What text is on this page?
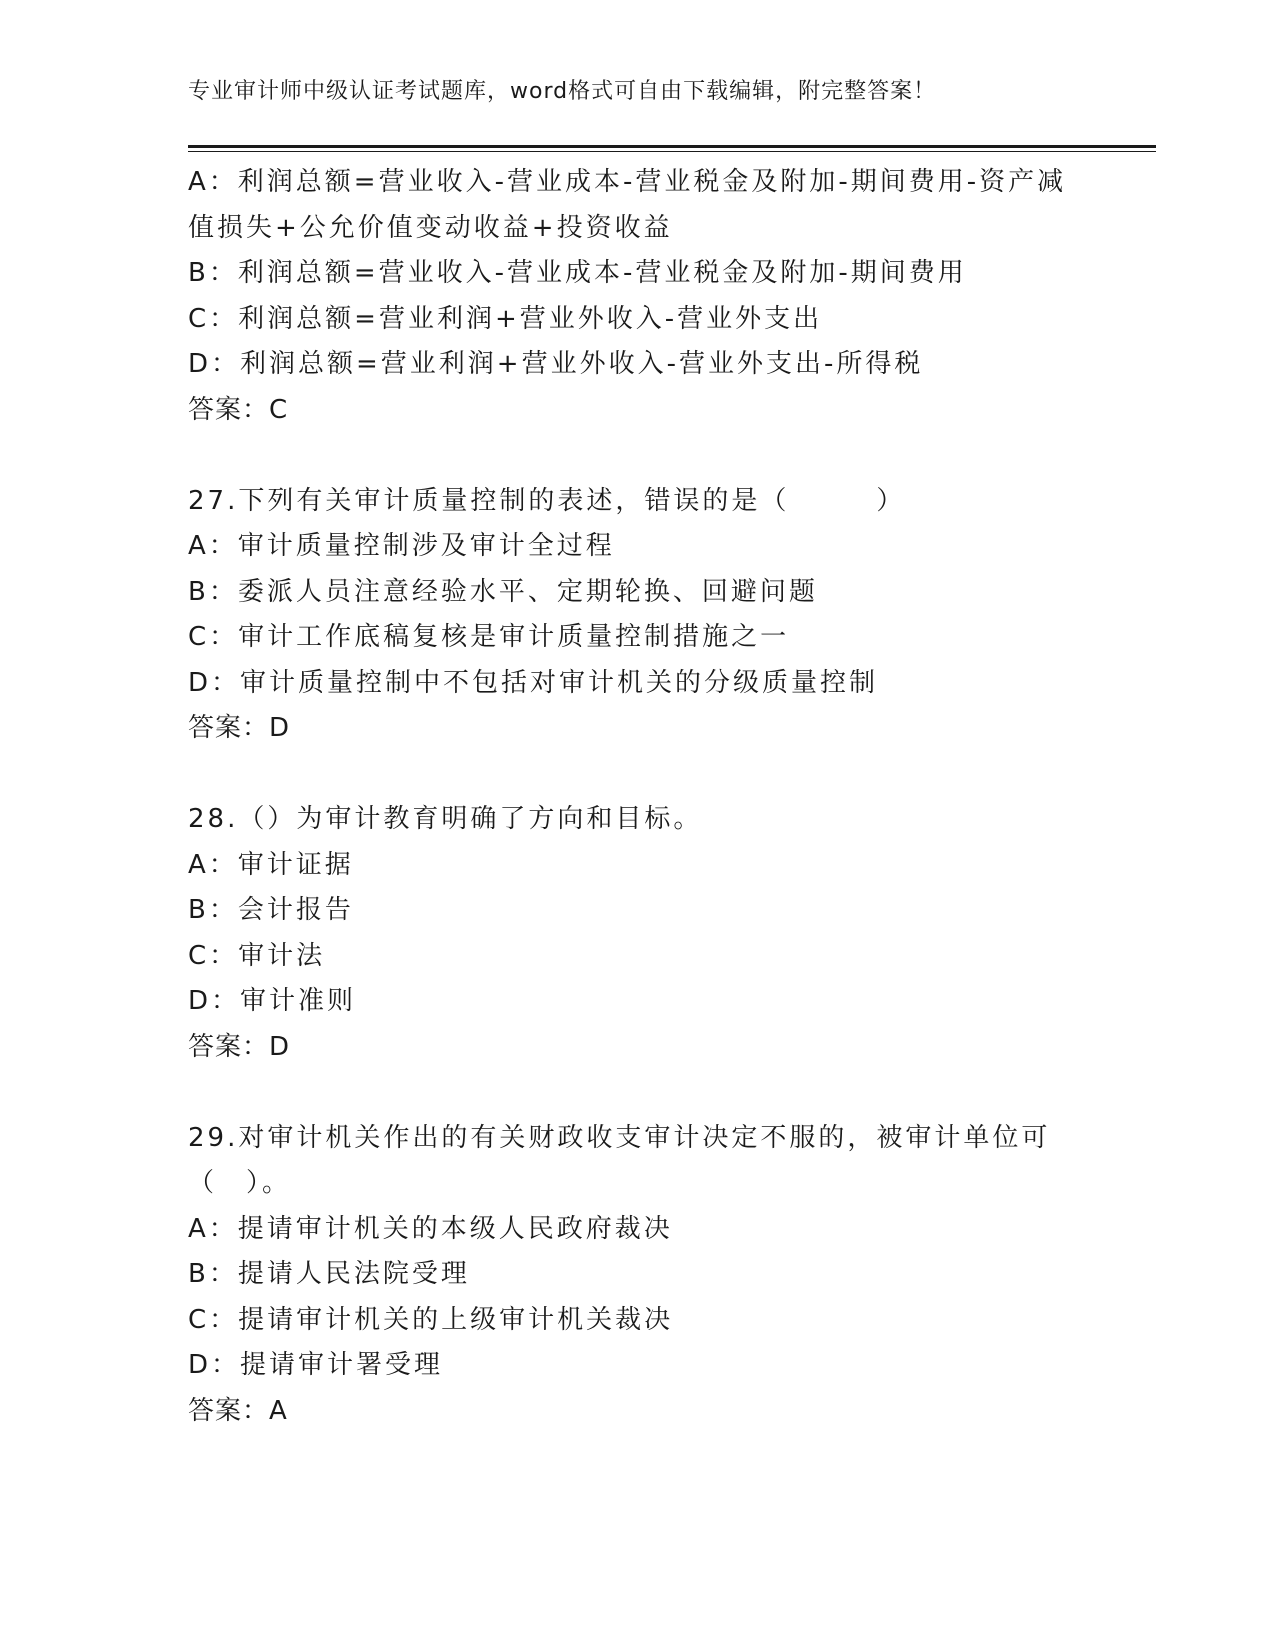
专业审计师中级认证考试题库，word格式可自由下载编辑，附完整答案！
A：利润总额=营业收入-营业成本-营业税金及附加-期间费用-资产减值损失+公允价值变动收益+投资收益
B：利润总额=营业收入-营业成本-营业税金及附加-期间费用
C：利润总额=营业利润+营业外收入-营业外支出
D：利润总额=营业利润+营业外收入-营业外支出-所得税
答案：C
27.下列有关审计质量控制的表述，错误的是（　　　）
A：审计质量控制涉及审计全过程
B：委派人员注意经验水平、定期轮换、回避问题
C：审计工作底稿复核是审计质量控制措施之一
D：审计质量控制中不包括对审计机关的分级质量控制
答案：D
28.（）为审计教育明确了方向和目标。
A：审计证据
B：会计报告
C：审计法
D：审计准则
答案：D
29.对审计机关作出的有关财政收支审计决定不服的，被审计单位可（　）。
A：提请审计机关的本级人民政府裁决
B：提请人民法院受理
C：提请审计机关的上级审计机关裁决
D：提请审计署受理
答案：A
